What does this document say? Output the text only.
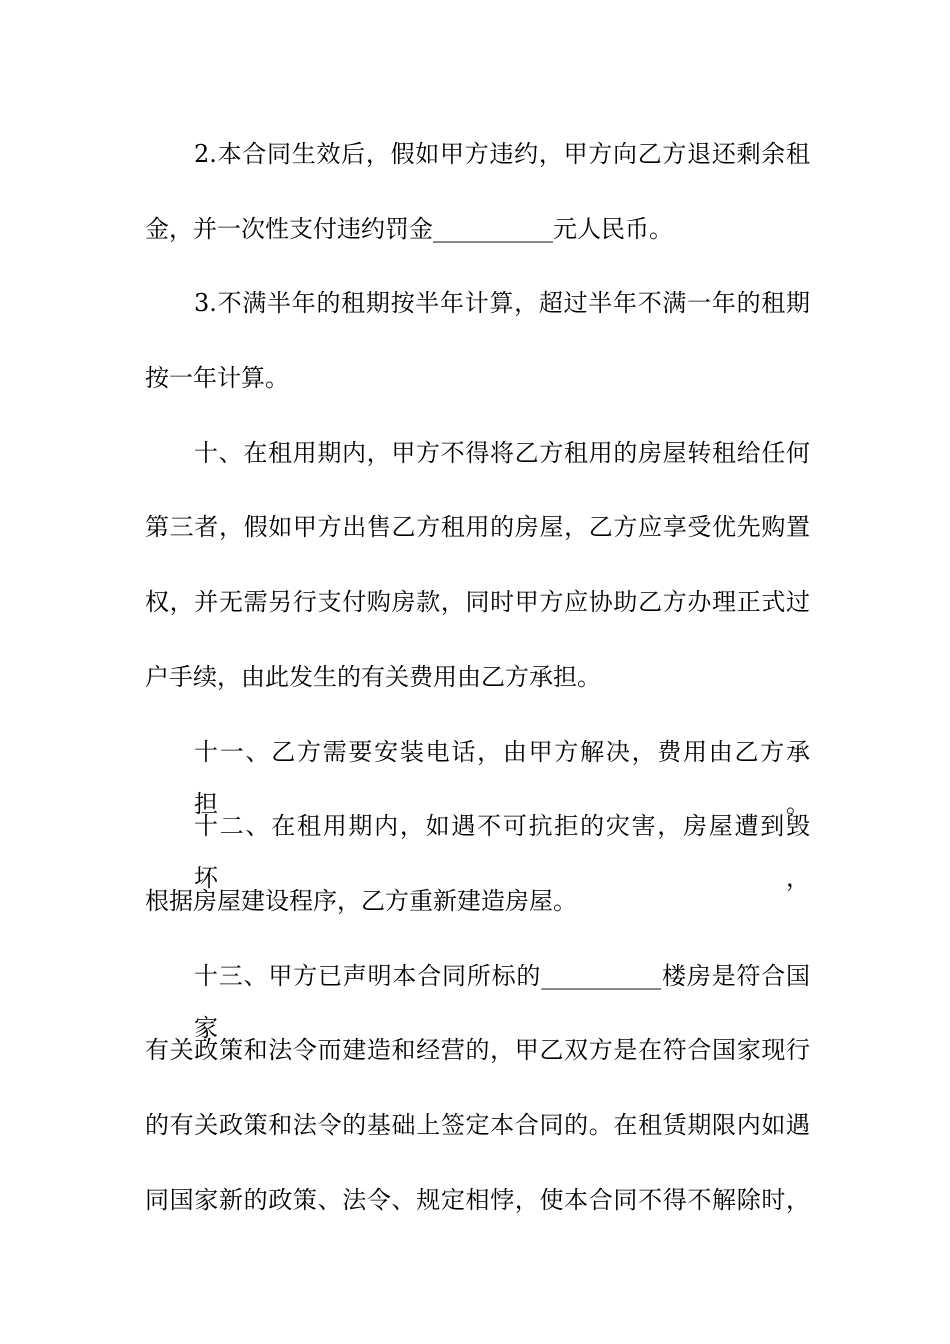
2.本合同生效后，假如甲方违约，甲方向乙方退还剩余租
金，并一次性支付违约罚金__________元人民币。
3.不满半年的租期按半年计算，超过半年不满一年的租期
按一年计算。
十、在租用期内，甲方不得将乙方租用的房屋转租给任何
第三者，假如甲方出售乙方租用的房屋，乙方应享受优先购置
权，并无需另行支付购房款，同时甲方应协助乙方办理正式过
户手续，由此发生的有关费用由乙方承担。
十一、乙方需要安装电话，由甲方解决，费用由乙方承担。
十二、在租用期内，如遇不可抗拒的灾害，房屋遭到毁坏，
根据房屋建设程序，乙方重新建造房屋。
十三、甲方已声明本合同所标的__________楼房是符合国家
有关政策和法令而建造和经营的，甲乙双方是在符合国家现行
的有关政策和法令的基础上签定本合同的。在租赁期限内如遇
同国家新的政策、法令、规定相悖，使本合同不得不解除时，
